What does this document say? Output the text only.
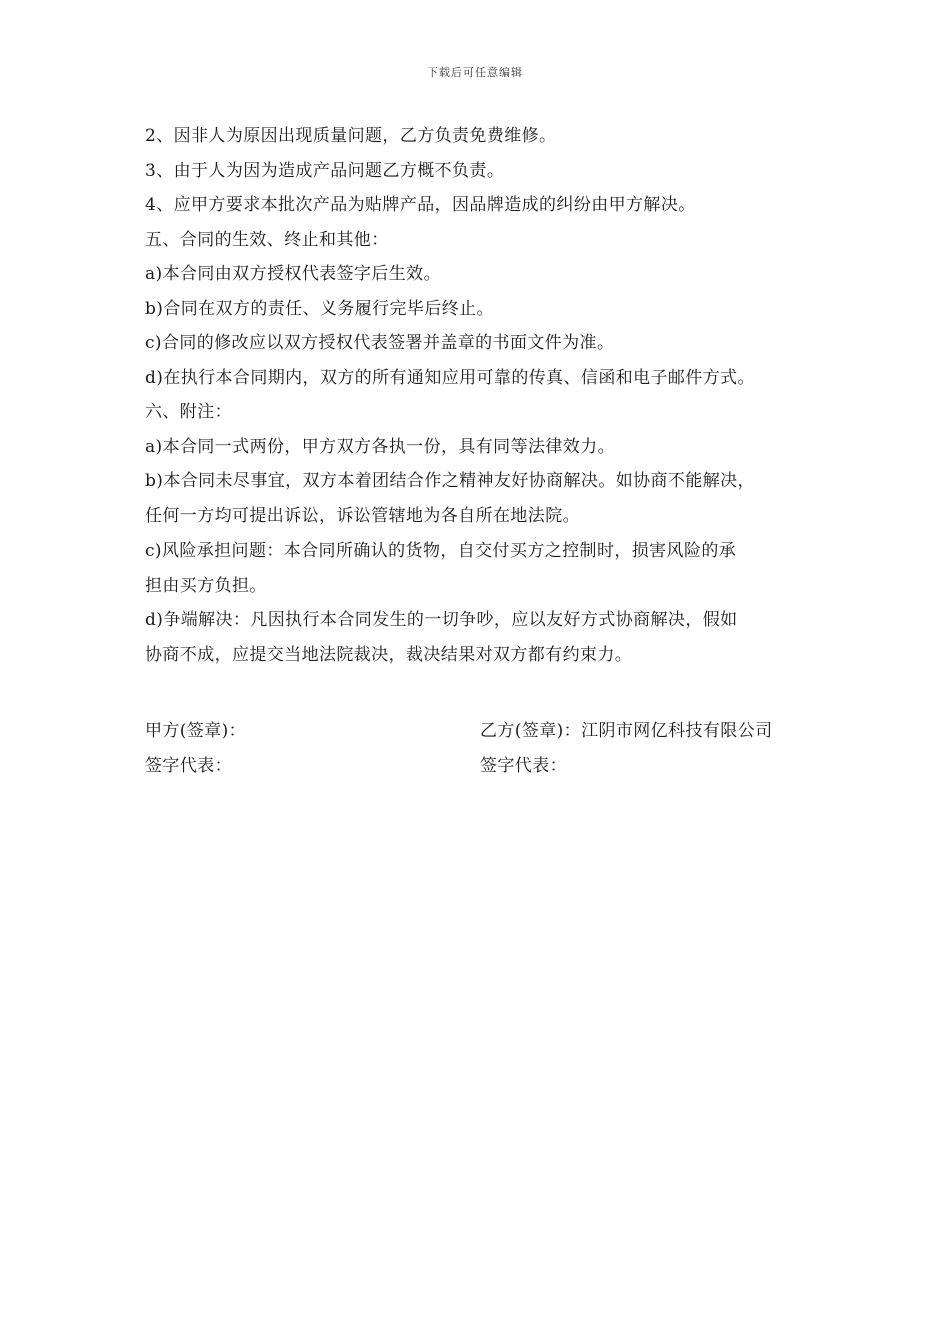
下载后可任意编辑
2、因非人为原因出现质量问题，乙方负责免费维修。
3、由于人为因为造成产品问题乙方概不负责。
4、应甲方要求本批次产品为贴牌产品，因品牌造成的纠纷由甲方解决。
五、合同的生效、终止和其他：
a)本合同由双方授权代表签字后生效。
b)合同在双方的责任、义务履行完毕后终止。
c)合同的修改应以双方授权代表签署并盖章的书面文件为准。
d)在执行本合同期内，双方的所有通知应用可靠的传真、信函和电子邮件方式。
六、附注：
a)本合同一式两份，甲方双方各执一份，具有同等法律效力。
b)本合同未尽事宜，双方本着团结合作之精神友好协商解决。如协商不能解决，
任何一方均可提出诉讼，诉讼管辖地为各自所在地法院。
c)风险承担问题：本合同所确认的货物，自交付买方之控制时，损害风险的承
担由买方负担。
d)争端解决：凡因执行本合同发生的一切争吵，应以友好方式协商解决，假如
协商不成，应提交当地法院裁决，裁决结果对双方都有约束力。
甲方(签章)：	乙方(签章)：江阴市网亿科技有限公司
签字代表：	签字代表：
